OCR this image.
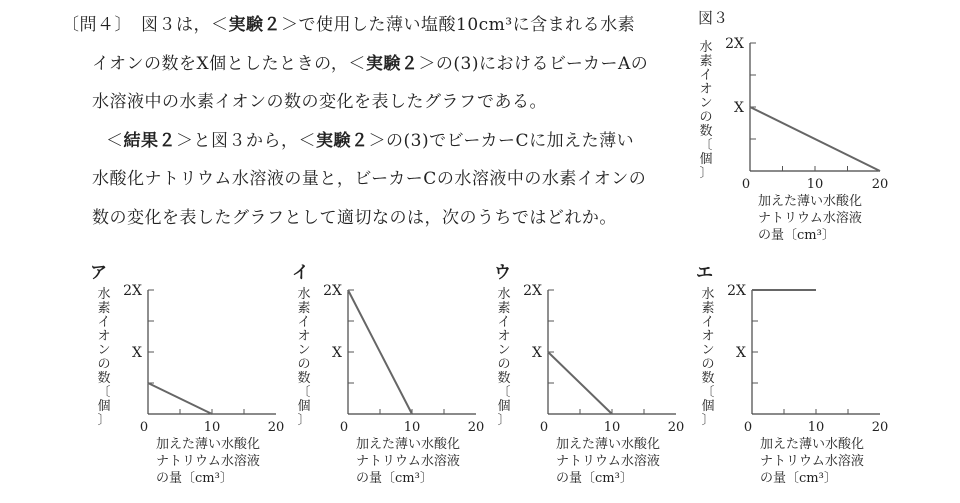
〔問４〕　図３は，＜実験２＞で使用した薄い塩酸10cm³に含まれる水素
イオンの数をX個としたときの，＜実験２＞の(3)におけるビーカーAの
水溶液中の水素イオンの数の変化を表したグラフである。
＜結果２＞と図３から，＜実験２＞の(3)でビーカーCに加えた薄い
水酸化ナトリウム水溶液の量と，ビーカーCの水溶液中の水素イオンの
数の変化を表したグラフとして適切なのは，次のうちではどれか。
図３
X
2X
0	10	20
X
2X
0	10	20
X
2X
0	10	20
X
2X
0	10	20
X
2X
0	10	20
水
素
イ
オ
ン
の
数
〔
個
〕
加えた薄い水酸化
ナトリウム水溶液
の量〔cm³〕
ア
水
素
イ
オ
ン
の
数
〔
個
〕
加えた薄い水酸化
ナトリウム水溶液
の量〔cm³〕
イ
水
素
イ
オ
ン
の
数
〔
個
〕
加えた薄い水酸化
ナトリウム水溶液
の量〔cm³〕
ウ
水
素
イ
オ
ン
の
数
〔
個
〕
加えた薄い水酸化
ナトリウム水溶液
の量〔cm³〕
エ
水
素
イ
オ
ン
の
数
〔
個
〕
加えた薄い水酸化
ナトリウム水溶液
の量〔cm³〕
